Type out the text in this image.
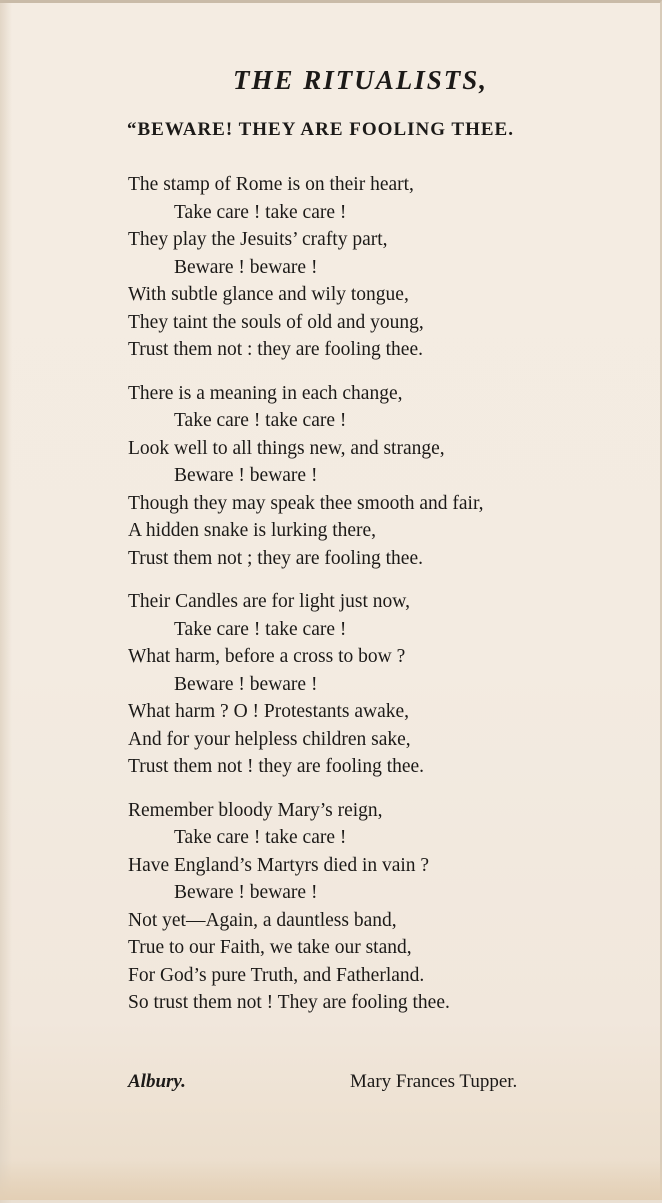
THE RITUALISTS,
“BEWARE! THEY ARE FOOLING THEE.
The stamp of Rome is on their heart,
Take care ! take care !
They play the Jesuits’ crafty part,
Beware ! beware !
With subtle glance and wily tongue,
They taint the souls of old and young,
Trust them not : they are fooling thee.
There is a meaning in each change,
Take care ! take care !
Look well to all things new, and strange,
Beware ! beware !
Though they may speak thee smooth and fair,
A hidden snake is lurking there,
Trust them not ; they are fooling thee.
Their Candles are for light just now,
Take care ! take care !
What harm, before a cross to bow ?
Beware ! beware !
What harm ? O ! Protestants awake,
And for your helpless children sake,
Trust them not ! they are fooling thee.
Remember bloody Mary’s reign,
Take care ! take care !
Have England’s Martyrs died in vain ?
Beware ! beware !
Not yet—Again, a dauntless band,
True to our Faith, we take our stand,
For God’s pure Truth, and Fatherland.
So trust them not ! They are fooling thee.
Albury.	Mary Frances Tupper.
